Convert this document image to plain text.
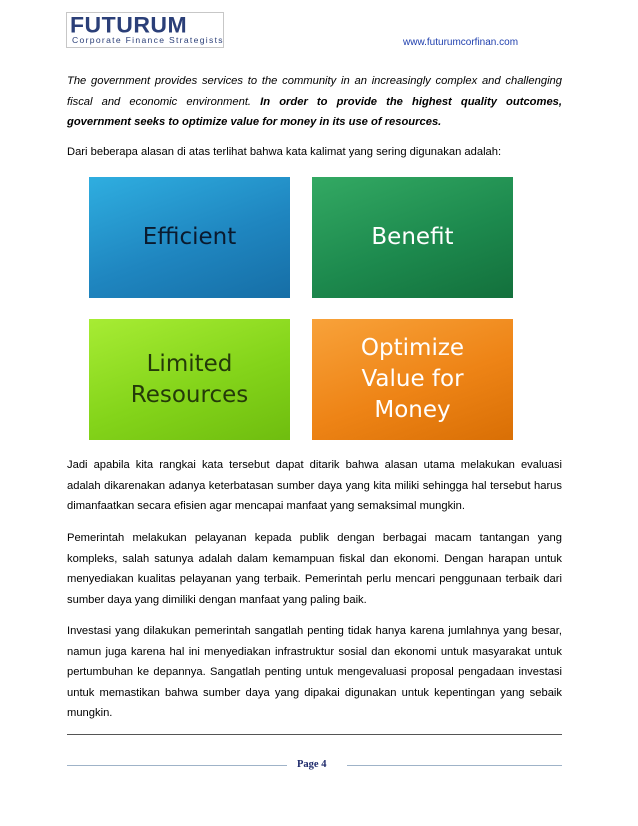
FUTURUM
Corporate Finance Strategists	www.futurumcorfinan.com

The government provides services to the community in an increasingly complex and challenging fiscal and economic environment. In order to provide the highest quality outcomes, government seeks to optimize value for money in its use of resources.

Dari beberapa alasan di atas terlihat bahwa kata kalimat yang sering digunakan adalah:

Efficient	Benefit
Limited Resources
Optimize Value for Money

Jadi apabila kita rangkai kata tersebut dapat ditarik bahwa alasan utama melakukan evaluasi adalah dikarenakan adanya keterbatasan sumber daya yang kita miliki sehingga hal tersebut harus dimanfaatkan secara efisien agar mencapai manfaat yang semaksimal mungkin.

Pemerintah melakukan pelayanan kepada publik dengan berbagai macam tantangan yang kompleks, salah satunya adalah dalam kemampuan fiskal dan ekonomi. Dengan harapan untuk menyediakan kualitas pelayanan yang terbaik. Pemerintah perlu mencari penggunaan terbaik dari sumber daya yang dimiliki dengan manfaat yang paling baik.

Investasi yang dilakukan pemerintah sangatlah penting tidak hanya karena jumlahnya yang besar, namun juga karena hal ini menyediakan infrastruktur sosial dan ekonomi untuk masyarakat untuk pertumbuhan ke depannya. Sangatlah penting untuk mengevaluasi proposal pengadaan investasi untuk memastikan bahwa sumber daya yang dipakai digunakan untuk kepentingan yang sebaik mungkin.

Page 4
